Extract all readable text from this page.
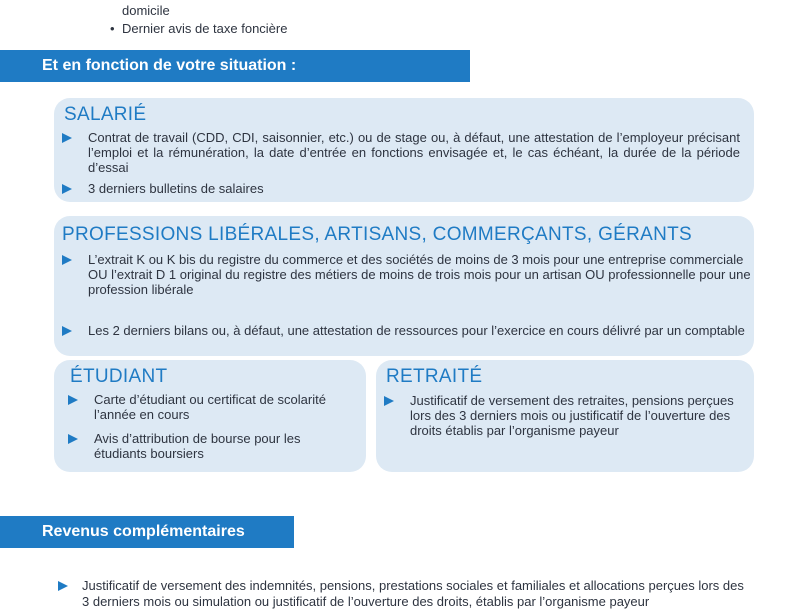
domicile
• Dernier avis de taxe foncière
Et en fonction de votre situation :
SALARIÉ
Contrat de travail (CDD, CDI, saisonnier, etc.) ou de stage ou, à défaut, une attestation de l’employeur précisant l’emploi et la rémunération, la date d’entrée en fonctions envisagée et, le cas échéant, la durée de la période d’essai
3 derniers bulletins de salaires
PROFESSIONS LIBÉRALES, ARTISANS, COMMERÇANTS, GÉRANTS
L’extrait K ou K bis du registre du commerce et des sociétés de moins de 3 mois pour une entreprise commerciale OU l’extrait D 1 original du registre des métiers de moins de trois mois pour un artisan OU professionnelle pour une profession libérale
Les 2 derniers bilans ou, à défaut, une attestation de ressources pour l’exercice en cours délivré par un comptable
ÉTUDIANT
Carte d’étudiant ou certificat de scolarité l’année en cours
Avis d’attribution de bourse pour les étudiants boursiers
RETRAITÉ
Justificatif de versement des retraites, pensions perçues lors des 3 derniers mois ou justificatif de l’ouverture des droits établis par l’organisme payeur
Revenus complémentaires
Justificatif de versement des indemnités, pensions, prestations sociales et familiales et allocations perçues lors des 3 derniers mois ou simulation ou justificatif de l’ouverture des droits, établis par l’organisme payeur
